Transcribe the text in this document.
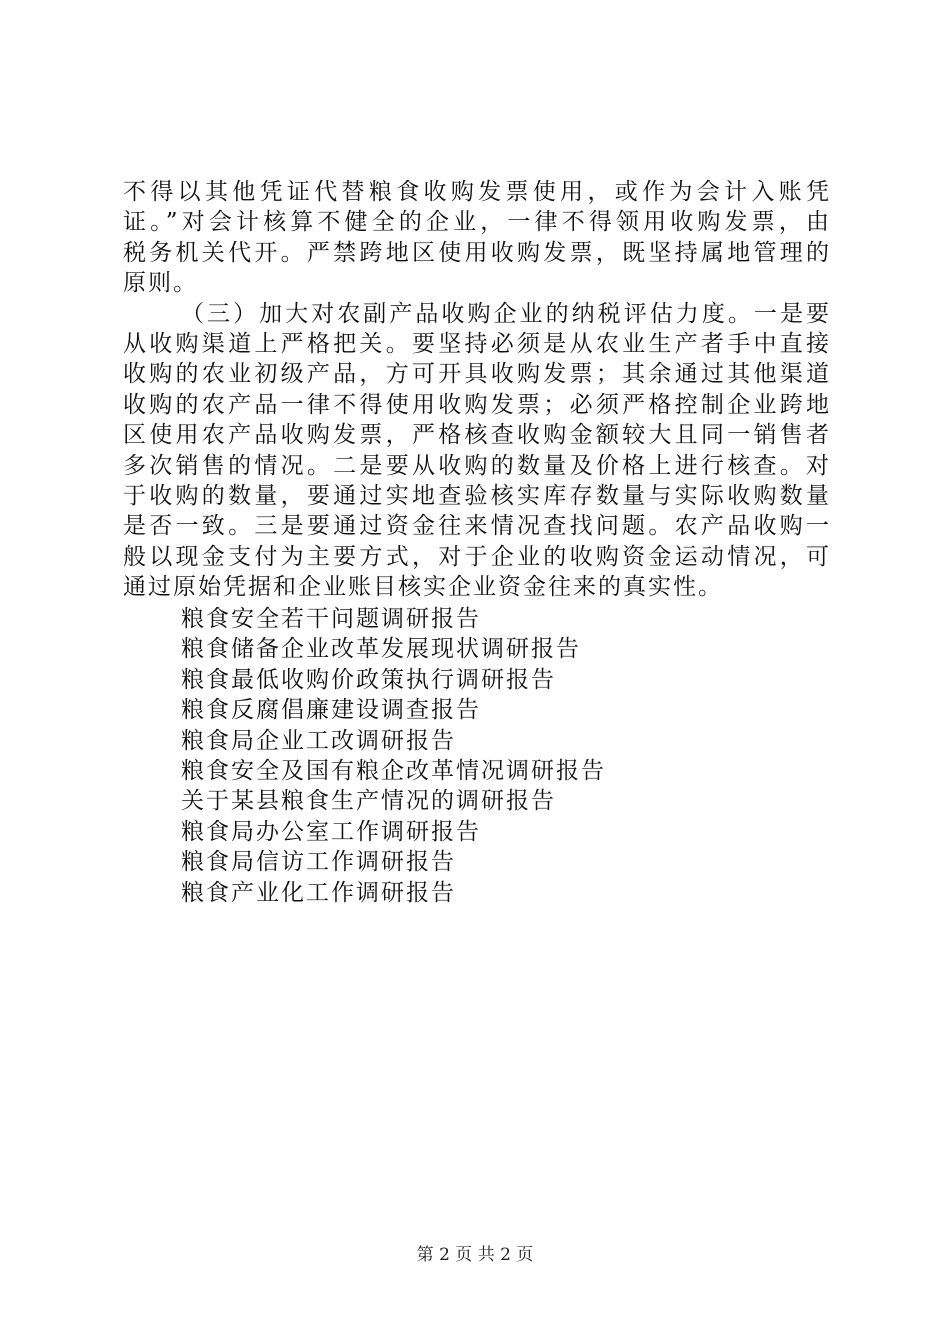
不得以其他凭证代替粮食收购发票使用，或作为会计入账凭
证。”对会计核算不健全的企业，一律不得领用收购发票，由
税务机关代开。严禁跨地区使用收购发票，既坚持属地管理的
原则。
（三）加大对农副产品收购企业的纳税评估力度。一是要
从收购渠道上严格把关。要坚持必须是从农业生产者手中直接
收购的农业初级产品，方可开具收购发票；其余通过其他渠道
收购的农产品一律不得使用收购发票；必须严格控制企业跨地
区使用农产品收购发票，严格核查收购金额较大且同一销售者
多次销售的情况。二是要从收购的数量及价格上进行核查。对
于收购的数量，要通过实地查验核实库存数量与实际收购数量
是否一致。三是要通过资金往来情况查找问题。农产品收购一
般以现金支付为主要方式，对于企业的收购资金运动情况，可
通过原始凭据和企业账目核实企业资金往来的真实性。
粮食安全若干问题调研报告
粮食储备企业改革发展现状调研报告
粮食最低收购价政策执行调研报告
粮食反腐倡廉建设调查报告
粮食局企业工改调研报告
粮食安全及国有粮企改革情况调研报告
关于某县粮食生产情况的调研报告
粮食局办公室工作调研报告
粮食局信访工作调研报告
粮食产业化工作调研报告
第 2 页 共 2 页
